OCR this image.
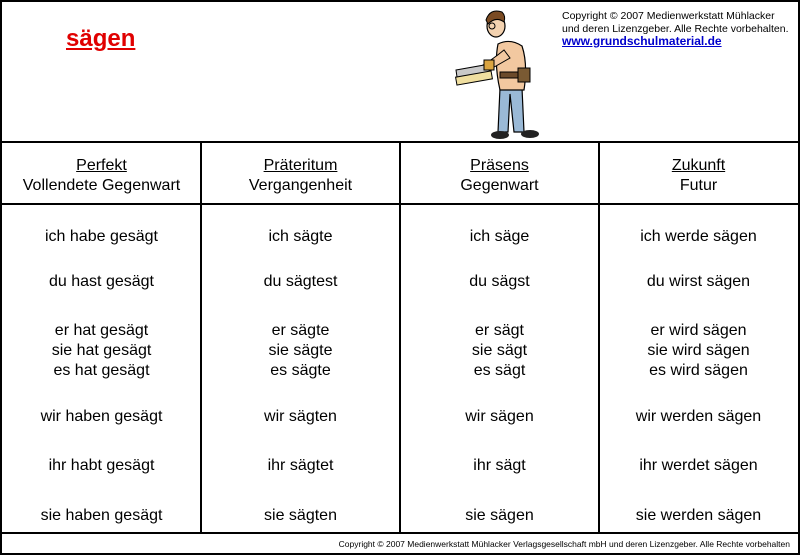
sägen
Copyright © 2007 Medienwerkstatt Mühlacker
und deren Lizenzgeber. Alle Rechte vorbehalten.
www.grundschulmaterial.de
Perfekt
Vollendete Gegenwart
Präteritum
Vergangenheit
Präsens
Gegenwart
Zukunft
Futur
ich habe gesägt
du hast gesägt
er hat gesägt
sie hat gesägt
es hat gesägt
wir haben gesägt
ihr habt gesägt
sie haben gesägt
ich sägte
du sägtest
er sägte
sie sägte
es sägte
wir sägten
ihr sägtet
sie sägten
ich säge
du sägst
er sägt
sie sägt
es sägt
wir sägen
ihr sägt
sie sägen
ich werde sägen
du wirst sägen
er wird sägen
sie wird sägen
es wird sägen
wir werden sägen
ihr werdet sägen
sie werden sägen
Copyright © 2007 Medienwerkstatt Mühlacker Verlagsgesellschaft mbH und deren Lizenzgeber. Alle Rechte vorbehalten
